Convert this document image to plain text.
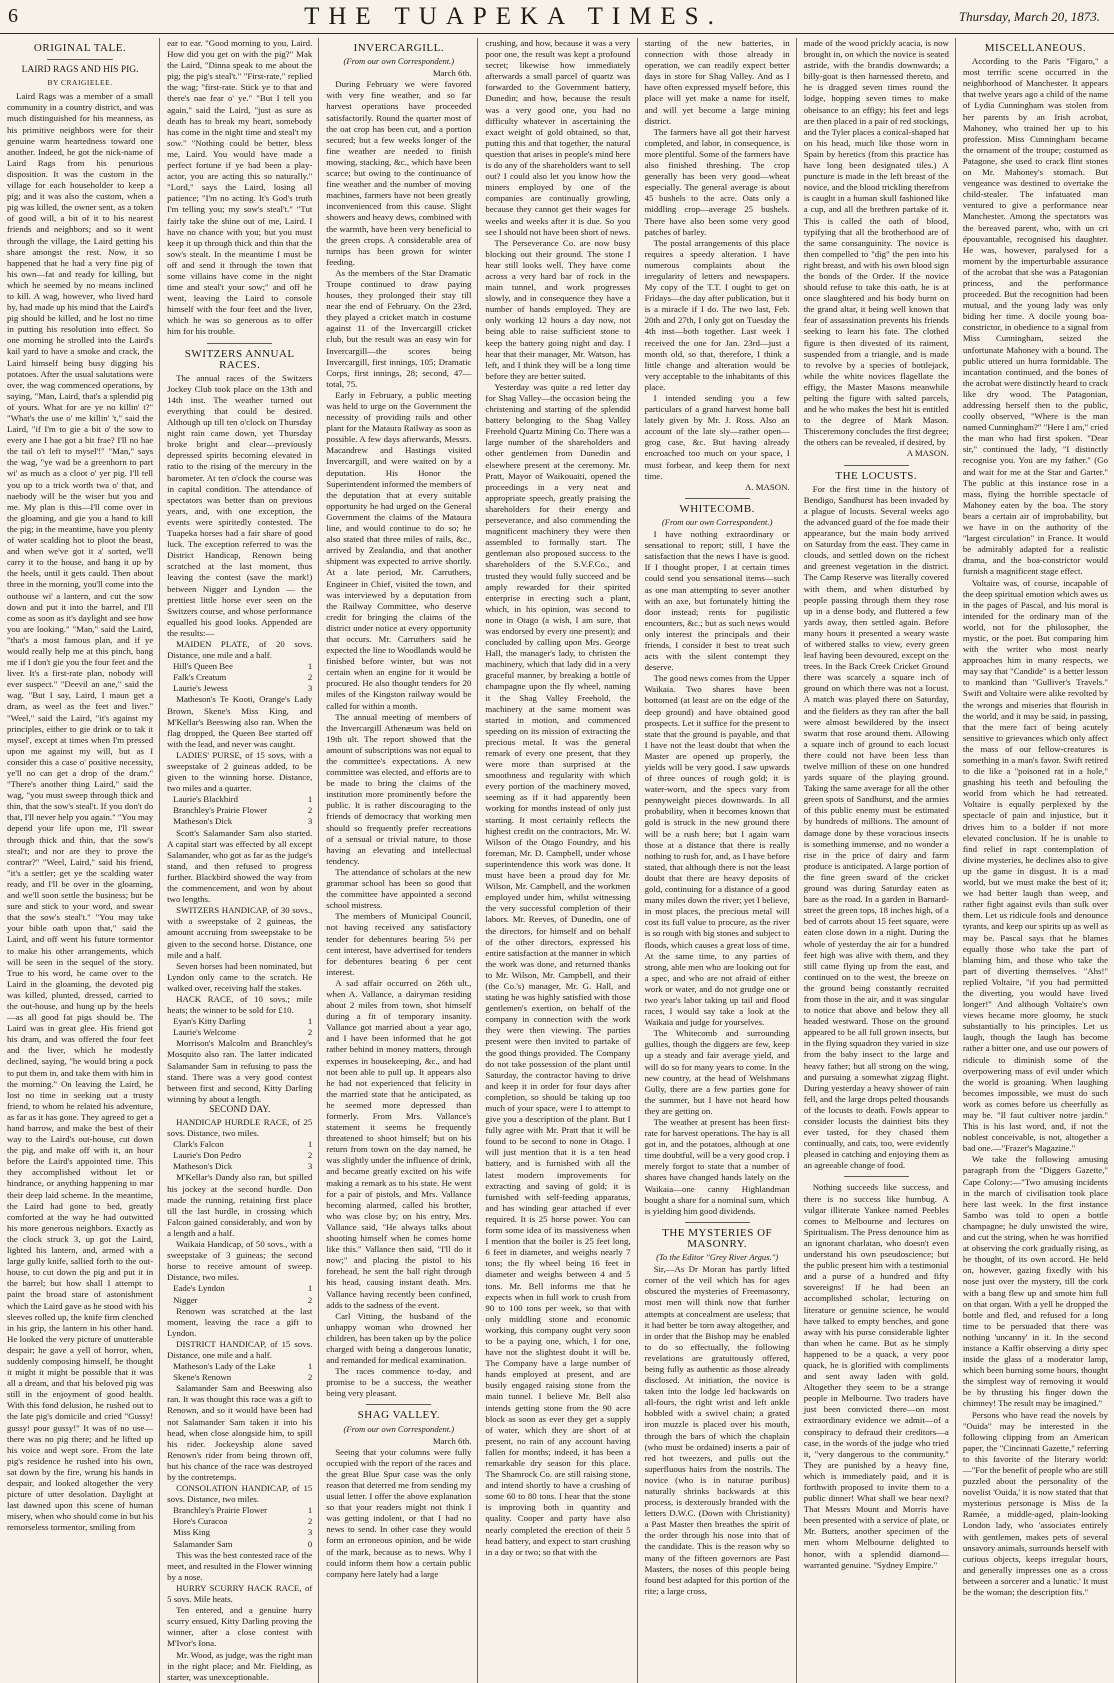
6	THE TUAPEKA TIMES.	Thursday, March 20, 1873.
ORIGINAL TALE.
LAIRD RAGS AND HIS PIG.
BY CRAIGIELEE.

Laird Rags was a member of a small community in a country district, and was much distinguished for his meanness, as his primitive neighbors were for their genuine warm heartedness toward one another. Indeed, he got the nick-name of Laird Rags from his penurious disposition. It was the custom in the village for each householder to keep a pig; and it was also the custom, when a pig was killed, the owner sent, as a token of good will, a bit of it to his nearest friends and neighbors; and so it went through the village, the Laird getting his share amongst the rest. Now, it so happened that he had a very fine pig of his own—fat and ready for killing, but which he seemed by no means inclined to kill. A wag, however, who lived hard by, had made up his mind that the Laird's pig should be killed, and he lost no time in putting his resolution into effect. So one morning he strolled into the Laird's kail yard to have a smoke and crack, the Laird himself being busy digging his potatoes. After the usual salutations were over, the wag commenced operations, by saying, "Man, Laird, that's a splendid pig of yours. What for are ye no killin' t?" "What's the use o' me killin' 't," said the Laird, "if I'm to gie a bit o' the sow to every ane I hae got a bit frae? I'll no hae the tail o't left to mysel'!" "Man," says the wag, "ye wad be a greenhorn to part wi' as much as a cloot o' yer pig. I'll tell you up to a trick worth twa o' that, and naebody will be the wiser but you and me. My plan is this—I'll come over in the gloaming, and gie you a hand to kill the pig; in the meantime, have you plenty of water scalding hot to ploot the beast, and when we've got it a' sorted, we'll carry it to the house, and hang it up by the heels, until it gets cauld. Then about three in the morning, you'll come into the outhouse wi' a lantern, and cut the sow down and put it into the barrel, and I'll come as soon as it's daylight and see how you are looking." "Man," said the Laird, "that's a most famous plan, and if ye would really help me at this pinch, bang me if I don't gie you the four feet and the liver. It's a first-rate plan, nobody will ever suspect." "Deevil an ane," said the wag. "But I say, Laird, I maun get a dram, as weel as the feet and liver." "Weel," said the Laird, "it's against my principles, either to gie drink or to tak it mysel', except at times when I'm pressed upon me against my will, but as I consider this a case o' positive necessity, ye'll no can get a drop of the dram." "There's another thing Laird," said the wag, "you must sweep through thick and thin, that the sow's steal't. If you don't do that, I'll never help you again." "You may depend your life upon me, I'll swear through thick and thin, that the sow's steal't; and nor are they to prove the contrar?" "Weel, Laird," said his friend, "it's a settler; get ye the scalding water ready, and I'll be over in the gloaming, and we'll soon settle the business; but be sure and stick to your word, and swear that the sow's steal't." "You may take your bible oath upon that," said the Laird, and off went his future tormentor to make his other arrangements, which will be seen in the sequel of the story. True to his word, he came over to the Laird in the gloaming, the devoted pig was killed, plunted, dressed, carried to the out-house, and hung up by the heels—as all good fat pigs should be. The Laird was in great glee. His friend got his dram, and was offered the four feet and the liver, which he modestly declined, saying, "he would bring a pock to put them in, and take them with him in the morning." On leaving the Laird, he lost no time in seeking out a trusty friend, to whom he related his adventure, as far as it has gone. They agreed to get a hand barrow, and make the best of their way to the Laird's out-house, cut down the pig, and make off with it, an hour before the Laird's appointed time. This they accomplished without let or hindrance, or anything happening to mar their deep laid scheme. In the meantime, the Laird had gone to bed, greatly comforted at the way he had outwitted his more generous neighbors. Exactly as the clock struck 3, up got the Laird, lighted his lantern, and, armed with a large gully knife, sallied forth to the out-house, to cut down the pig and put it in the barrel; but how shall I attempt to paint the broad stare of astonishment which the Laird gave as he stood with his sleeves rolled up, the knife firm clenched in his grip, the lantern in his other hand. He looked the very picture of unutterable despair; he gave a yell of horror, when, suddenly composing himself, he thought it might it might be possible that it was all a dream, and that his beloved pig was still in the enjoyment of good health. With this fond delusion, he rushed out to the late pig's domicile and cried "Gussy! gussy! pour gussy!" It was of no use—there was no pig there; and he lifted up his voice and wept sore. From the late pig's residence he rushed into his own, sat down by the fire, wrung his hands in despair, and looked altogether the very picture of utter desolation. Daylight at last dawned upon this scene of human misery, when who should come in but his remorseless tormentor, smiling from

ear to ear. "Good morning to you, Laird. How did you get on with the pig?" Mak the Laird, "Dinna speak to me about the pig; the pig's steal't." "First-rate," replied the wag; "first-rate. Stick ye to that and there's nae fear o' ye." "But I tell you again," said the Laird, "just as sure as death has to break my heart, somebody has come in the night time and steal't my sow." "Nothing could be better, bless me, Laird. You would have made a perfect fortune if ye had been a play-actor, you are acting this so naturally." "Lord," says the Laird, losing all patience; "I'm no acting. It's God's truth I'm telling you; my sow's steal't." "Tut fairly take the shine out of me, Laird. I have no chance with you; but you must keep it up through thick and thin that the sow's stealt. In the meantime I must be off and send it through the town that some villains have come in the night time and steal't your sow;" and off he went, leaving the Laird to console himself with the four feet and the liver, which he was so generous as to offer him for his trouble.

SWITZERS ANNUAL RACES.

The annual races of the Switzers Jockey Club took place on the 13th and 14th inst. The weather turned out everything that could be desired. Although up till ten o'clock on Thursday night rain came down, yet Thursday broke bright and clear—previously depressed spirits becoming elevated in ratio to the rising of the mercury in the barometer. At ten o'clock the course was in capital condition. The attendance of spectators was better than on previous years, and, with one exception, the events were spiritedly contested. The Tuapeka horses had a fair share of good luck. The exception referred to was the District Handicap, Renown being scratched at the last moment, thus leaving the contest (save the mark!) between Nigger and Lyndon — the prettiest little horse ever seen on the Switzers course, and whose performance equalled his good looks. Appended are the results:—

MAIDEN PLATE, of 20 sovs. Distance, one mile and a half.

Hill's Queen Bee	1
Falk's Creatum	2
Laurie's Jewess	3

Matheson's Te Kooti, Orange's Lady Brown, Skene's Miss King, and M'Kellar's Beeswing also ran. When the flag dropped, the Queen Bee started off with the lead, and never was caught.

LADIES' PURSE, of 15 sovs, with a sweepstake of 2 guineas added, to be given to the winning horse. Distance, two miles and a quarter.

Laurie's Blackbird	1
Branchley's Prairie Flower	2
Matheson's Dick	3

Scott's Salamander Sam also started. A capital start was effected by all except Salamander, who got as far as the judge's stand, and then refused to progress further. Blackbird showed the way from the commencement, and won by about two lengths.

SWITZERS HANDICAP, of 30 sovs., with a sweepstake of 2 guineas, the amount accruing from sweepstake to be given to the second horse. Distance, one mile and a half.

Seven horses had been nominated, but Lyndon only came to the scratch. He walked over, receiving half the stakes.

HACK RACE, of 10 sovs.; mile heats; the winner to be sold for £10.

Eyan's Kitty Darling	1
Laurie's Welcome	2

Morrison's Malcolm and Branchley's Mosquito also ran. The latter indicated Salamander Sam in refusing to pass the stand. There was a very good contest between first and second, Kitty Darling winning by about a length.

SECOND DAY.

HANDICAP HURDLE RACE, of 25 sovs. Distance, two miles.

Clark's Falcon	1
Laurie's Don Pedro	2
Matheson's Dick	3

M'Kellar's Dandy also ran, but spilled his jockey at the second hurdle. Don made the running, retaining first place till the last hurdle, in crossing which Falcon gained considerably, and won by a length and a half.

Waikaia Handicap, of 50 sovs., with a sweepstake of 3 guineas; the second horse to receive amount of sweep. Distance, two miles.

Eade's Lyndon	1
Nigger	2

Renown was scratched at the last moment, leaving the race a gift to Lyndon.

DISTRICT HANDICAP, of 15 sovs. Distance, one mile and a half.

Matheson's Lady of the Lake	1
Skene's Renown	2

Salamander Sam and Beeswing also ran. It was thought this race was a gift to Renown, and so it would have been had not Salamander Sam taken it into his head, when close alongside him, to spill his rider. Jockeyship alone saved Renown's rider from being thrown off, but his chance of the race was destroyed by the contretemps.

CONSOLATION HANDICAP, of 15 sovs. Distance, two miles.

Branchley's Prairie Flower	1
Hore's Curacoa	2
Miss King	3
Salamander Sam	0

This was the best contested race of the meet, and resulted in the Flower winning by a nose.

HURRY SCURRY HACK RACE, of 5 sovs. Mile heats.

Ten entered, and a genuine hurry scurry ensued, Kitty Darling proving the winner, after a close contest with M'Ivor's Iona.

Mr. Wood, as judge, was the right man in the right place; and Mr. Fielding, as starter, was unexceptionable.

INVERCARGILL.
(From our own Correspondent.)
March 6th.

During February we were favored with very fine weather, and so far harvest operations have proceeded satisfactorily. Round the quarter most of the oat crop has been cut, and a portion secured; but a few weeks longer of the fine weather are needed to finish mowing, stacking, &c., which have been scarce; but owing to the continuance of fine weather and the number of moving machines, farmers have not been greatly inconvenienced from this cause. Slight showers and heavy dews, combined with the warmth, have been very beneficial to the green crops. A considerable area of turnips has been grown for winter feeding.

As the members of the Star Dramatic Troupe continued to draw paying houses, they prolonged their stay till near the end of February. On the 23rd, they played a cricket match in costume against 11 of the Invercargill cricket club, but the result was an easy win for Invercargill—the scores being Invercargill, first innings, 105; Dramatic Corps, first innings, 28; second, 47—total, 75.

Early in February, a public meeting was held to urge on the Government the necessity of providing rails and other plant for the Mataura Railway as soon as possible. A few days afterwards, Messrs. Macandrew and Hastings visited Invercargill, and were waited on by a deputation. His Honor the Superintendent informed the members of the deputation that at every suitable opportunity he had urged on the General Government the claims of the Mataura line, and would continue to do so; he also stated that three miles of rails, &c., arrived by Zealandia, and that another shipment was expected to arrive shortly. At a late period, Mr. Carruthers, Engineer in Chief, visited the town, and was interviewed by a deputation from the Railway Committee, who deserve credit for bringing the claims of the district under notice at every opportunity that occurs. Mr. Carruthers said he expected the line to Woodlands would be finished before winter, but was not certain when an engine for it would be procured. He also thought tenders for 20 miles of the Kingston railway would be called for within a month.

The annual meeting of members of the Invercargill Athenæum was held on 19th ult. The report showed that the amount of subscriptions was not equal to the committee's expectations. A new committee was elected, and efforts are to be made to bring the claims of the institution more prominently before the public. It is rather discouraging to the friends of democracy that working men should so frequently prefer recreations of a sensual or trivial nature, to those having an elevating and intellectual tendency.

The attendance of scholars at the new grammar school has been so good that the committee have appointed a second school mistress.

The members of Municipal Council, not having received any satisfactory tender for debentures bearing 5½ per cent interest, have advertised for tenders for debentures bearing 6 per cent interest.

A sad affair occurred on 26th ult., when A. Vallance, a dairyman residing about 2 miles from town, shot himself during a fit of temporary insanity. Vallance got married about a year ago, and I have been informed that he got rather behind in money matters, through expenses in housekeeping, &c., and had not been able to pull up. It appears also he had not experienced that felicity in the married state that he anticipated, as he seemed more depressed than formerly. From Mrs. Vallance's statement it seems he frequently threatened to shoot himself; but on his return from town on the day named, he was slightly under the influence of drink, and became greatly excited on his wife making a remark as to his state. He went for a pair of pistols, and Mrs. Vallance becoming alarmed, called his brother, who was close by; on his entry, Mrs. Vallance said, "He always talks about shooting himself when he comes home like this." Vallance then said, "I'll do it now;" and placing the pistol to his forehead, he sent the ball right through his head, causing instant death. Mrs. Vallance having recently been confined, adds to the sadness of the event.

Carl Vitting, the husband of the unhappy woman who drowned her children, has been taken up by the police charged with being a dangerous lunatic, and remanded for medical examination.

The races commence to-day, and promise to be a success, the weather being very pleasant.

SHAG VALLEY.
(From our own Correspondent.)
March 6th.

Seeing that your columns were fully occupied with the report of the races and the great Blue Spur case was the only reason that deterred me from sending my usual letter. I offer the above explanation so that your readers might not think I was getting indolent, or that I had no news to send. In other case they would form an erroneous opinion, and be wide of the mark, because as to news. Why I could inform them how a certain public company here lately had a large

crushing, and how, because it was a very poor one, the result was kept a profound secret; likewise how immediately afterwards a small parcel of quartz was forwarded to the Government battery, Dunedin; and how, because the result was a very good one, you had no difficulty whatever in ascertaining the exact weight of gold obtained, so that, putting this and that together, the natural question that arises in people's mind here is do any of the shareholders want to sell out? I could also let you know how the miners employed by one of the companies are continually growling, because they cannot get their wages for weeks and weeks after it is due. So you see I should not have been short of news.

The Perseverance Co. are now busy blocking out their ground. The stone I hear still looks well. They have come across a very hard bar of rock in the main tunnel, and work progresses slowly, and in consequence they have a number of hands employed. They are only working 12 hours a day now, not being able to raise sufficient stone to keep the battery going night and day. I hear that their manager, Mr. Watson, has left, and I think they will be a long time before they are better suited.

Yesterday was quite a red letter day for Shag Valley—the occasion being the christening and starting of the splendid battery belonging to the Shag Valley Freehold Quartz Mining Co. There was a large number of the shareholders and other gentlemen from Dunedin and elsewhere present at the ceremony. Mr. Pratt, Mayor of Waikouaiti, opened the proceedings in a very neat and appropriate speech, greatly praising the shareholders for their energy and perseverance, and also commending the magnificent machinery they were then assembled to formally start. The gentleman also proposed success to the shareholders of the S.V.F.Co., and trusted they would fully succeed and be amply rewarded for their spirited enterprise in erecting such a plant, which, in his opinion, was second to none in Otago (a wish, I am sure, that was endorsed by every one present); and concluded by calling upon Mrs. George Hall, the manager's lady, to christen the machinery, which that lady did in a very graceful manner, by breaking a bottle of champagne upon the fly wheel, naming it the Shag Valley Freehold, the machinery at the same moment was started in motion, and commenced speeding on its mission of extracting the precious metal. It was the general remark of every one present, that they were more than surprised at the smoothness and regularity with which every portion of the machinery moved, seeming as if it had apparently been working for months instead of only just starting. It most certainly reflects the highest credit on the contractors, Mr. W. Wilson of the Otago Foundry, and his foreman, Mr. D. Campbell, under whose superintendence this work was done. It must have been a proud day for Mr. Wilson, Mr. Campbell, and the workmen employed under him, whilst witnessing the very successful completion of their labors. Mr. Reeves, of Dunedin, one of the directors, for himself and on behalf of the other directors, expressed his entire satisfaction at the manner in which the work was done, and returned thanks to Mr. Wilson, Mr. Campbell, and their (the Co.'s) manager, Mr. G. Hall, and stating he was highly satisfied with those gentlemen's exertion, on behalf of the company in connection with the work they were then viewing. The parties present were then invited to partake of the good things provided. The Company do not take possession of the plant until Saturday, the contractor having to drive and keep it in order for four days after completion, so should be taking up too much of your space, were I to attempt to give you a description of the plant. But I fully agree with Mr. Pratt that it will be found to be second to none in Otago. I will just mention that it is a ten head battery, and is furnished with all the latest modern improvements for extracting and saving of gold; it is furnished with self-feeding apparatus, and has winding gear attached if ever required. It is 25 horse power. You can form some idea of its massiveness when I mention that the boiler is 25 feet long, 6 feet in diameter, and weighs nearly 7 tons; the fly wheel being 16 feet in diameter and weighs between 4 and 5 tons. Mr. Bell informs me that he expects when in full work to crush from 90 to 100 tons per week, so that with only middling stone and economic working, this company ought very soon to be a paying one, which, I for one, have not the slightest doubt it will be. The Company have a large number of hands employed at present, and are busily engaged raising stone from the main tunnel. I believe Mr. Bell also intends getting stone from the 90 acre block as soon as ever they get a supply of water, which they are short of at present, no rain of any account having fallen for months; indeed, it has been a remarkable dry season for this place. The Shamrock Co. are still raising stone, and intend shortly to have a crushing of some 60 to 80 tons. I hear that the stone is improving both in quantity and quality. Cooper and party have also nearly completed the erection of their 5 head battery, and expect to start crushing in a day or two; so that with the

starting of the new batteries, in connection with those already in operation, we can readily expect better days in store for Shag Valley. And as I have often expressed myself before, this place will yet make a name for itself, and will yet become a large mining district.

The farmers have all got their harvest completed, and labor, in consequence, is more plentiful. Some of the farmers have also finished threshing. The crop generally has been very good—wheat especially. The general average is about 45 bushels to the acre. Oats only a middling crop—average 25 bushels. There have also been some very good patches of barley.

The postal arrangements of this place requires a speedy alteration. I have numerous complaints about the irregularity of letters and newspapers. My copy of the T.T. I ought to get on Fridays—the day after publication, but it is a miracle if I do. The two last, Feb. 20th and 27th, I only got on Tuesday the 4th inst—both together. Last week I received the one for Jan. 23rd—just a month old, so that, therefore, I think a little change and alteration would be very acceptable to the inhabitants of this place.

I intended sending you a few particulars of a grand harvest home ball lately given by Mr. J. Ross. Also an account of the late sly—rather open—grog case, &c. But having already encroached too much on your space, I must forbear, and keep them for next time.

A. MASON.
WHITECOMB.
(From our own Correspondent.)

I have nothing extraordinary or sensational to report; still, I have the satisfaction that the news I have is good. If I thought proper, I at certain times could send you sensational items—such as one man attempting to sever another with an axe, but fortunately hitting the door instead; rents for pugilistic encounters, &c.; but as such news would only interest the principals and their friends, I consider it best to treat such acts with the silent contempt they deserve.

The good news comes from the Upper Waikaia. Two shares have been bottomed (at least are on the edge of the deep ground) and have obtained good prospects. Let it suffice for the present to state that the ground is payable, and that I have not the least doubt that when the Master are opened up properly, the yields will be very good. I saw upwards of three ounces of rough gold; it is water-worn, and the specs vary from pennyweight pieces downwards. In all probability, when it becomes known that gold is struck in the new ground there will be a rush here; but I again warn those at a distance that there is really nothing to rush for, and, as I have before stated, that although there is not the least doubt that there are heavy deposits of gold, continuing for a distance of a good many miles down the river; yet I believe, in most places, the precious metal will cost its full value to procure, as the river is so rough with big stones and subject to floods, which causes a great loss of time. At the same time, to any parties of strong, able men who are looking out for a spec, and who are not afraid of either work or water, and do not grudge one or two year's labor taking up tail and flood races, I would say take a look at the Waikaia and judge for yourselves.

The Whitecomb and surrounding gullies, though the diggers are few, keep up a steady and fair average yield, and will do so for many years to come. In the new country, at the head of Welshmans Gully, there are a few parties gone for the summer, but I have not heard how they are getting on.

The weather at present has been first-rate for harvest operations. The hay is all got in, and the potatoes, although at one time doubtful, will be a very good crop. I merely forgot to state that a number of shares have changed hands lately on the Waikaia—one canny Highlandman bought a share for a nominal sum, which is yielding him good dividends.

THE MYSTERIES OF MASONRY.
(To the Editor "Grey River Argus.")

Sir,—As Dr Moran has partly lifted corner of the veil which has for ages obscured the mysteries of Freemasonry, most men will think now that further attempts at concealment are useless; that it had better be torn away altogether, and in order that the Bishop may be enabled to do so effectually, the following revelations are gratuitously offered, being fully as authentic as those already disclosed. At initiation, the novice is taken into the lodge led backwards on all-fours, the right wrist and left ankle hobbled with a swivel chain; a grated iron muzzle is placed over his mouth, through the bars of which the chaplain (who must be ordained) inserts a pair of red hot tweezers, and pulls out the superfluous hairs from the nostrils. The novice (who is in naturae puribus) naturally shrinks backwards at this process, is dexterously branded with the letters D.W.C. (Down with Christianity) a Past Master then breathes the spirit of the order through his nose into that of the candidate. This is the reason why so many of the fifteen governors are Past Masters, the noses of this people being found best adapted for this portion of the rite; a large cross,

made of the wood prickly acacia, is now brought in, on which the novice is seated astride, with the brandis downwards; a billy-goat is then harnessed thereto, and he is dragged seven times round the lodge, hopping seven times to make obeisance to an effigy; his feet and legs are then placed in a pair of red stockings, and the Tyler places a conical-shaped hat on his head, much like those worn in Spain by heretics (from this practice has have long been designated tiles.) A puncture is made in the left breast of the novice, and the blood trickling therefrom is caught in a human skull fashioned like a cup, and all the brethren partake of it. This is called the oath of blood, typifying that all the brotherhood are of the same consanguinity. The novice is then compelled to "dig" the pen into his right breast, and with his own blood sign the bonds of the Order. If the novice should refuse to take this oath, he is at once slaughtered and his body burnt on the grand altar, it being well known that fear of assassination prevents his friends seeking to learn his fate. The clothed figure is then divested of its raiment, suspended from a triangle, and is made to revolve by a species of bottlejack, while the white novices flagellate the effigy, the Master Masons meanwhile pelting the figure with salted parcels, and he who makes the best hit is entitled to the degree of Mark Mason. Thisceremony concludes the first degree; the others can be revealed, if desired, by

A MASON.
THE LOCUSTS.

For the first time in the history of Bendigo, Sandhurst has been invaded by a plague of locusts. Several weeks ago the advanced guard of the foe made their appearance, but the main body arrived on Saturday from the east. They came in clouds, and settled down on the richest and greenest vegetation in the district. The Camp Reserve was literally covered with them, and when disturbed by people passing through them they rose up in a dense body, and fluttered a few yards away, then settled again. Before many hours it presented a weary waste of withered stalks to view, every green leaf having been devoured, except on the trees. In the Back Creek Cricket Ground there was scarcely a square inch of ground on which there was not a locust. A match was played there on Saturday, and the fielders as they ran after the ball were almost bewildered by the insect swarm that rose around them. Allowing a square inch of ground to each locust there could not have been less than twelve million of these on one hundred yards square of the playing ground. Taking the same average for all the other green spots of Sandhurst, and the armies of this public enemy must be estimated by hundreds of millions. The amount of damage done by these voracious insects is something immense, and no wonder a rise in the price of dairy and farm produce is anticipated. A large portion of the fine green sward of the cricket ground was during Saturday eaten as bare as the road. In a garden in Barnard-street the green tops, 18 inches high, of a bed of carrots about 15 feet square, were eaten close down in a night. During the whole of yesterday the air for a hundred feet high was alive with them, and they still came flying up from the east, and continued on to the west, the breeze on the ground being constantly recruited from those in the air, and it was singular to notice that above and below they all headed westward. Those on the ground appeared to be all full grown insects, but in the flying squadron they varied in size from the baby insect to the large and heavy father; but all strong on the wing, and pursuing a somewhat zigzag flight. During yesterday a heavy shower of rain fell, and the large drops pelted thousands of the locusts to death. Fowls appear to consider locusts the daintiest bits they ever tasted, for they chased them continually, and cats, too, were evidently pleased in catching and enjoying them as an agreeable change of food.

Nothing succeeds like success, and there is no success like humbug. A vulgar illiterate Yankee named Peebles comes to Melbourne and lectures on Spiritualism. The Press denounce him as an ignorant charlatan, who doesn't even understand his own pseudoscience; but the public present him with a testimonial and a purse of a hundred and fifty sovereigns! If he had been an accomplished scholar, lecturing on literature or genuine science, he would have talked to empty benches, and gone away with his purse considerable lighter than when he came. But as he simply happened to be a quack, a very poor quack, he is glorified with compliments and sent away laden with gold. Altogether they seem to be a strange people in Melbourne. Two traders have just been convicted there—on most extraordinary evidence we admit—of a conspiracy to defraud their creditors—a case, in the words of the judge who tried it, "very dangerous to the community." They are punished by a heavy fine, which is immediately paid, and it is forthwith proposed to invite them to a public dinner! What shall we hear next? That Messrs Mount and Morris have been presented with a service of plate, or Mr. Butters, another specimen of the men whom Melbourne delighted to honor, with a splendid diamond—warranted genuine. "Sydney Empire."

MISCELLANEOUS.

According to the Paris "Figaro," a most terrific scene occurred in the neighborhood of Manchester. It appears that twelve years ago a child of the name of Lydia Cunningham was stolen from her parents by an Irish acrobat, Mahoney, who trained her up to his profession. Miss Cunningham became the ornament of the troupe; costumed as Patagone, she used to crack flint stones on Mr. Mahoney's stomach. But vengeance was destined to overtake the child-stealer. The infatuated man ventured to give a performance near Manchester. Among the spectators was the bereaved parent, who, with un cri épouvantable, recognised his daughter. He was, however, paralysed for a moment by the imperturbable assurance of the acrobat that she was a Patagonian princess, and the performance proceeded. But the recognition had been mutual, and the young lady was only biding her time. A docile young boa-constrictor, in obedience to a signal from Miss Cunningham, seized the unfortunate Mahoney with a bound. The public uttered un hurra formidable. The incantation continued, and the bones of the acrobat were distinctly heard to crack like dry wood. The Patagonian, addressing herself then to the public, coolly observed, "Where is the man named Cunningham?" "Here I am," cried the man who had first spoken. "Dear sir," continued the lady, "I distinctly recognise you. You are my father." (Go and wait for me at the Star and Garter." The public at this instance rose in a mass, flying the horrible spectacle of Mahoney eaten by the boa. The story bears a certain air of improbability, but we have in on the authority of the "largest circulation" in France. It would be admirably adapted for a realistic drama, and the boa-constrictor would furnish a magnificent stage effect.

Voltaire was, of course, incapable of the deep spiritual emotion which awes us in the pages of Pascal, and his moral is intended for the ordinary man of the world, not for the philosopher, the mystic, or the poet. But comparing him with the writer who most nearly approaches him in many respects, we may say that "Candide" is a better lesson to mankind than "Gulliver's Travels." Swift and Voltaire were alike revolted by the wrongs and miseries that flourish in the world, and it may be said, in passing, that the mere fact of being acutely sensitive to grievances which only affect the mass of our fellow-creatures is something in a man's favor. Swift retired to die like a "poisoned rat in a hole," gnashing his teeth and befouling the world from which he had retreated. Voltaire is equally perplexed by the spectacle of pain and injustice, but it drives him to a bolder if not more elevated conclusion. If he is unable to find relief in rapt contemplation of divine mysteries, he declines also to give up the game in disgust. It is a mad world, but we must make the best of it; we had better laugh than weep, and rather fight against evils than sulk over them. Let us ridicule fools and denounce tyrants, and keep our spirits up as well as may be. Pascal says that he blames equally those who take the part of blaming him, and those who take the part of diverting themselves. "Ahs!" replied Voltaire, "if you had permitted the diverting, you would have lived longer!" And although Voltaire's own views became more gloomy, he stuck substantially to his principles. Let us laugh, though the laugh has become rather a bitter one, and use our powers of ridicule to diminish some of the overpowering mass of evil under which the world is groaning. When laughing becomes impossible, we must do such work as comes before us cheerfully as may be. "Il faut cultiver notre jardin." This is his last word, and, if not the noblest conceivable, is not, altogether a bad one.—"Frazer's Magazine."

We take the following amusing paragraph from the "Diggers Gazette," Cape Colony:—"Two amusing incidents in the march of civilisation took place here last week. In the first instance Sambo was told to open a bottle champagne; he duly unwisted the wire, and cut the string, when he was horrified at observing the cork gradually rising, as he thought, of its own accord. He held on, however, gazing fixedly with his nose just over the mystery, till the cork with a bang flew up and smote him full on that organ. With a yell he dropped the bottle and fled, and refused for a long time to be persuaded that there was nothing 'uncanny' in it. In the second instance a Kaffir observing a dirty spec inside the glass of a moderator lamp, which been burning some hours, thought the simplest way of removing it would be by thrusting his finger down the chimney! The result may be imagined."

Persons who have read the novels by "Ouida" may be interested in the following clipping from an American paper, the "Cincinnati Gazette," referring to this favorite of the literary world:—"For the benefit of people who are still puzzled about the personality of the novelist 'Ouida,' it is now stated that that mysterious personage is Miss de la Ramée, a middle-aged, plain-looking London lady, who 'associates entirely with gentlemen, makes pets of several unsavory animals, surrounds herself with curious objects, keeps irregular hours, and generally impresses one as a cross between a sorcerer and a lunatic.' It must be the woman; the description fits."
